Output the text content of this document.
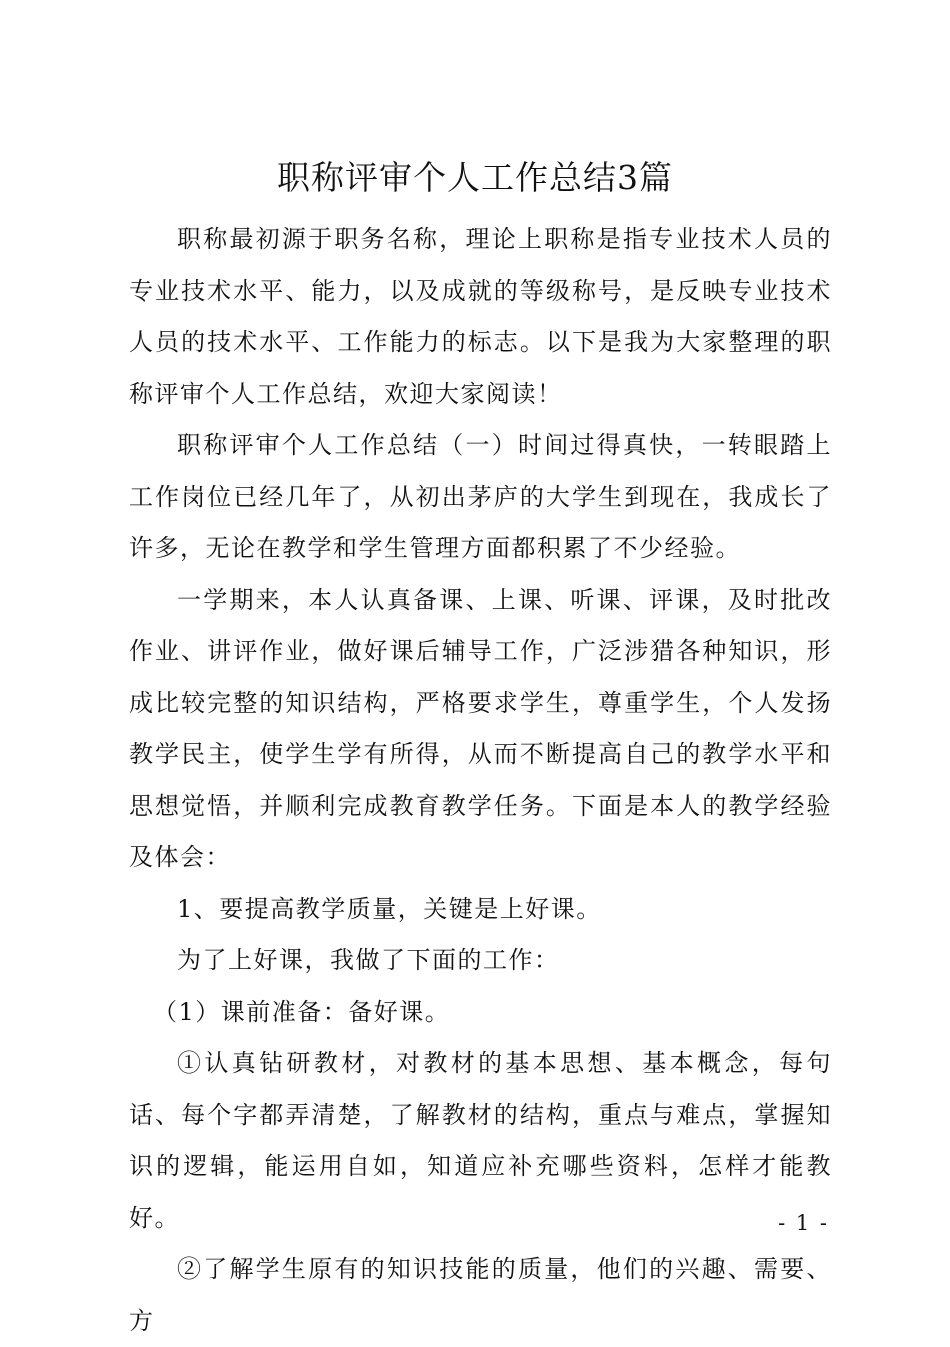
职称评审个人工作总结3篇

职称最初源于职务名称，理论上职称是指专业技术人员的专业技术水平、能力，以及成就的等级称号，是反映专业技术人员的技术水平、工作能力的标志。以下是我为大家整理的职称评审个人工作总结，欢迎大家阅读！

职称评审个人工作总结（一）时间过得真快，一转眼踏上工作岗位已经几年了，从初出茅庐的大学生到现在，我成长了许多，无论在教学和学生管理方面都积累了不少经验。

一学期来，本人认真备课、上课、听课、评课，及时批改作业、讲评作业，做好课后辅导工作，广泛涉猎各种知识，形成比较完整的知识结构，严格要求学生，尊重学生，个人发扬教学民主，使学生学有所得，从而不断提高自己的教学水平和思想觉悟，并顺利完成教育教学任务。下面是本人的教学经验及体会：

1、要提高教学质量，关键是上好课。

为了上好课，我做了下面的工作：

（1）课前准备：备好课。

①认真钻研教材，对教材的基本思想、基本概念，每句话、每个字都弄清楚，了解教材的结构，重点与难点，掌握知识的逻辑，能运用自如，知道应补充哪些资料，怎样才能教好。

②了解学生原有的知识技能的质量，他们的兴趣、需要、方

- 1 -
